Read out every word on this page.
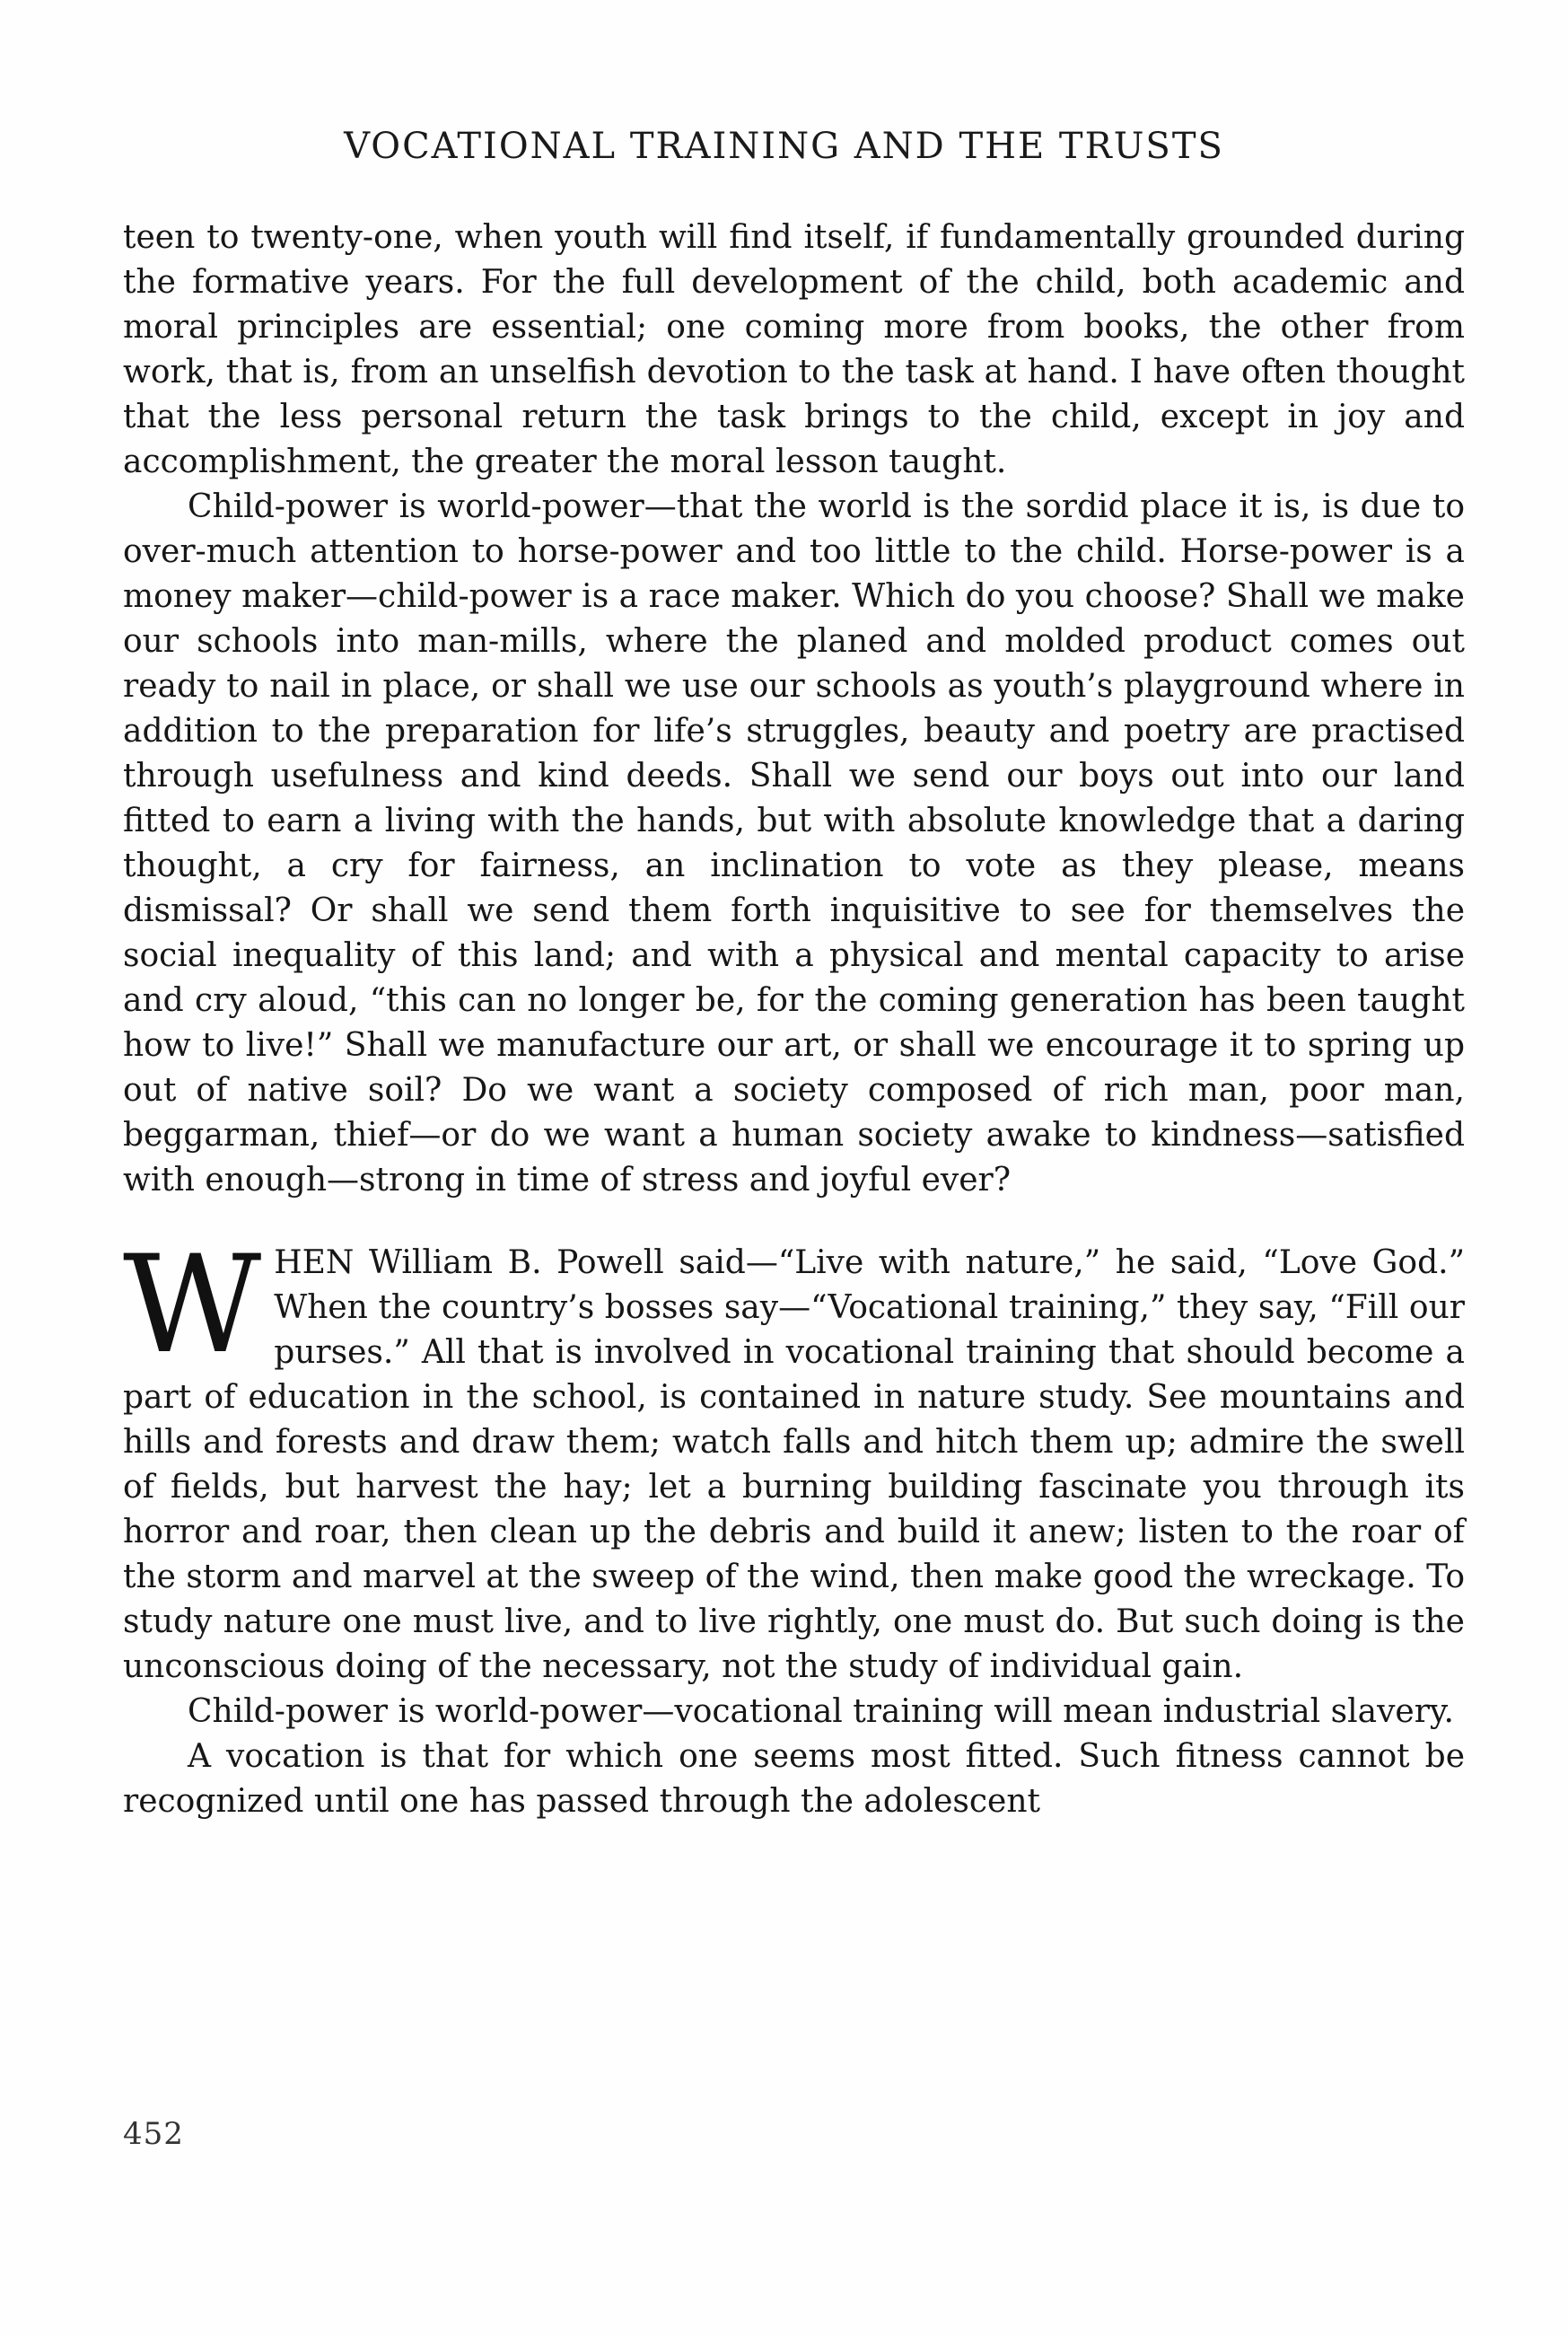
VOCATIONAL TRAINING AND THE TRUSTS

teen to twenty-one, when youth will find itself, if fundamentally grounded during the formative years. For the full development of the child, both academic and moral principles are essential; one coming more from books, the other from work, that is, from an unselfish devotion to the task at hand. I have often thought that the less personal return the task brings to the child, except in joy and accomplishment, the greater the moral lesson taught.

Child-power is world-power—that the world is the sordid place it is, is due to over-much attention to horse-power and too little to the child. Horse-power is a money maker—child-power is a race maker. Which do you choose? Shall we make our schools into man-mills, where the planed and molded product comes out ready to nail in place, or shall we use our schools as youth’s playground where in addition to the preparation for life’s struggles, beauty and poetry are practised through usefulness and kind deeds. Shall we send our boys out into our land fitted to earn a living with the hands, but with absolute knowledge that a daring thought, a cry for fairness, an inclination to vote as they please, means dismissal? Or shall we send them forth inquisitive to see for themselves the social inequality of this land; and with a physical and mental capacity to arise and cry aloud, “this can no longer be, for the coming generation has been taught how to live!” Shall we manufacture our art, or shall we encourage it to spring up out of native soil? Do we want a society composed of rich man, poor man, beggarman, thief—or do we want a human society awake to kindness—satisfied with enough—strong in time of stress and joyful ever?

WHEN William B. Powell said—“Live with nature,” he said, “Love God.” When the country’s bosses say—“Vocational training,” they say, “Fill our purses.” All that is involved in vocational training that should become a part of education in the school, is contained in nature study. See mountains and hills and forests and draw them; watch falls and hitch them up; admire the swell of fields, but harvest the hay; let a burning building fascinate you through its horror and roar, then clean up the debris and build it anew; listen to the roar of the storm and marvel at the sweep of the wind, then make good the wreckage. To study nature one must live, and to live rightly, one must do. But such doing is the unconscious doing of the necessary, not the study of individual gain.

Child-power is world-power—vocational training will mean industrial slavery.

A vocation is that for which one seems most fitted. Such fitness cannot be recognized until one has passed through the adolescent

452
